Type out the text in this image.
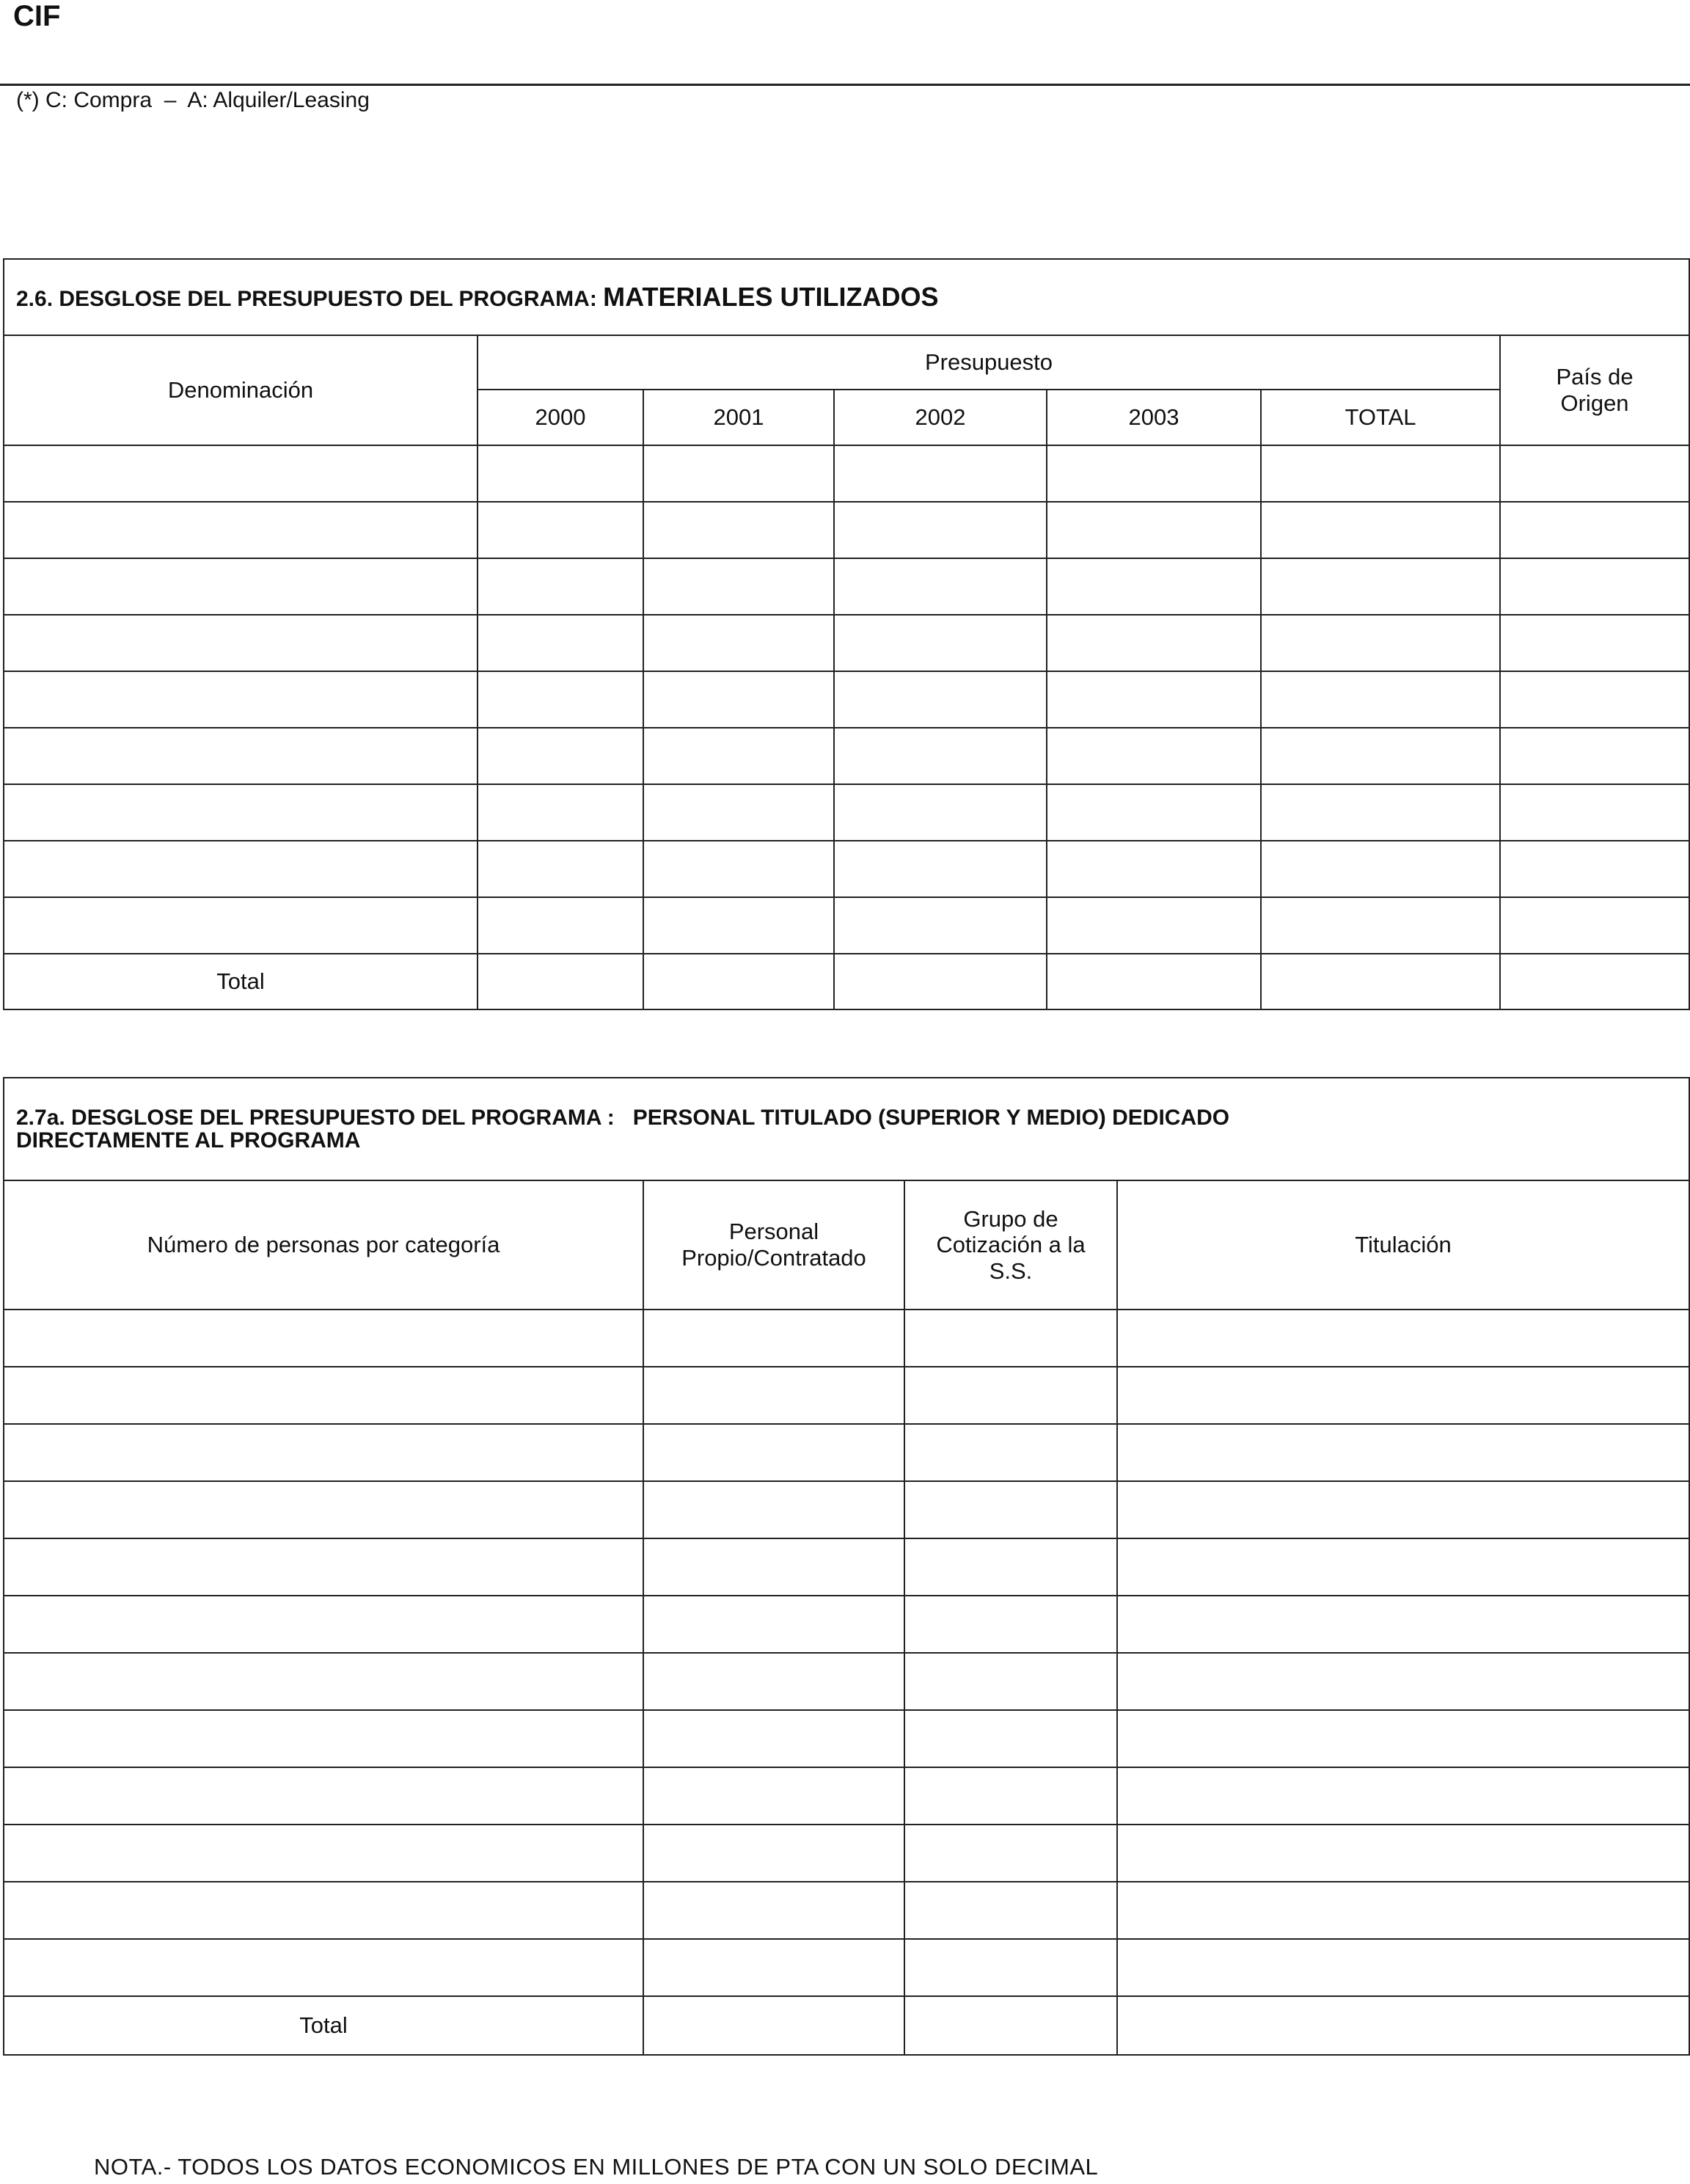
CIF
(*) C: Compra  –  A: Alquiler/Leasing
2.6. DESGLOSE DEL PRESUPUESTO DEL PROGRAMA: MATERIALES UTILIZADOS						
Denominación	Presupuesto					País de Origen
	2000	2001	2002	2003	TOTAL	

Total						
2.7a. DESGLOSE DEL PRESUPUESTO DEL PROGRAMA :   PERSONAL TITULADO (SUPERIOR Y MEDIO) DEDICADO
DIRECTAMENTE AL PROGRAMA			

Número de personas por categoría	Personal Propio/Contratado	Grupo de Cotización a la S.S.	Titulación

Total			
NOTA.- TODOS LOS DATOS ECONOMICOS EN MILLONES DE PTA CON UN SOLO DECIMAL
